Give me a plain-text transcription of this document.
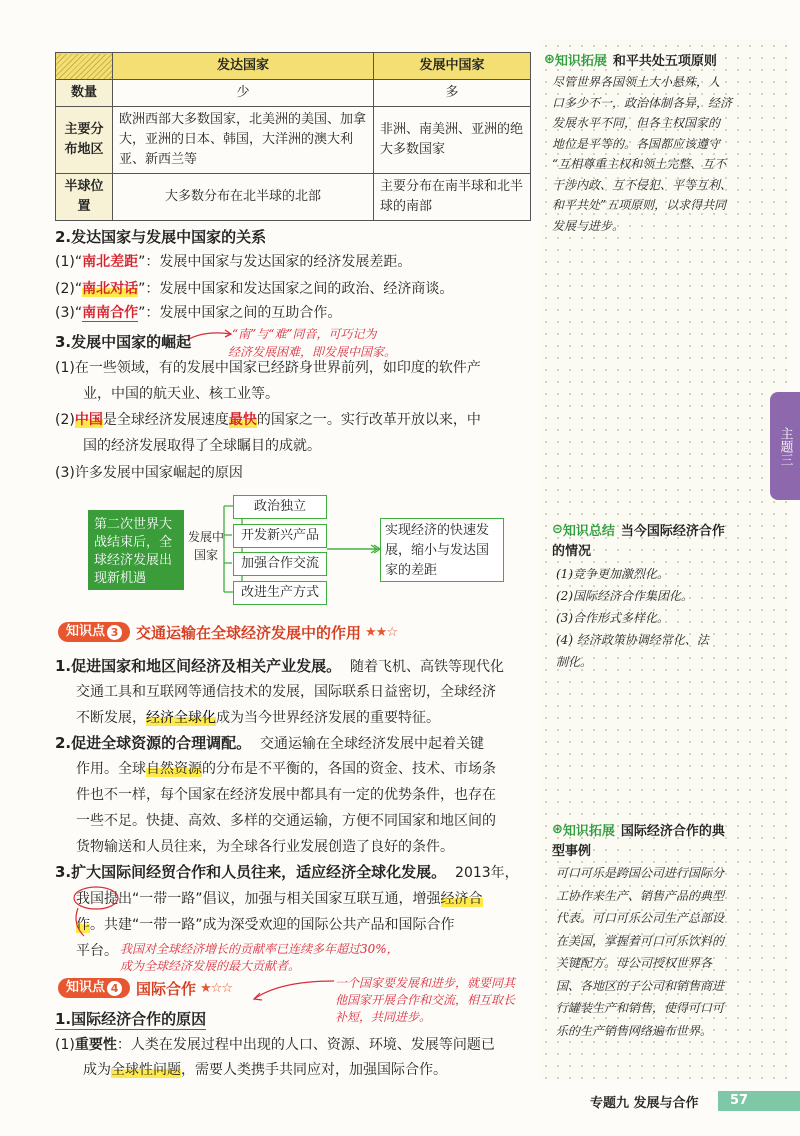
	发达国家	发展中国家
数量	少	多
主要分布地区	欧洲西部大多数国家，北美洲的美国、加拿大，亚洲的日本、韩国，大洋洲的澳大利亚、新西兰等	非洲、南美洲、亚洲的绝大多数国家
半球位置	大多数分布在北半球的北部	主要分布在南半球和北半球的南部
2.发达国家与发展中国家的关系
(1)“南北差距”：发展中国家与发达国家的经济发展差距。
(2)“南北对话”：发展中国家和发达国家之间的政治、经济商谈。
(3)“南南合作”：发展中国家之间的互助合作。
“南”与“难”同音，可巧记为
经济发展困难，即发展中国家。
3.发展中国家的崛起
(1)在一些领域，有的发展中国家已经跻身世界前列，如印度的软件产
业，中国的航天业、核工业等。
(2)中国是全球经济发展速度最快的国家之一。实行改革开放以来，中
国的经济发展取得了全球瞩目的成就。
(3)许多发展中国家崛起的原因
第二次世界大战结束后，全球经济发展出现新机遇
发展中国家
政治独立
开发新兴产品
加强合作交流
改进生产方式
实现经济的快速发展，缩小与发达国家的差距
知识点 3 交通运输在全球经济发展中的作用 ★★☆
1.促进国家和地区间经济及相关产业发展。 随着飞机、高铁等现代化
交通工具和互联网等通信技术的发展，国际联系日益密切，全球经济
不断发展，经济全球化成为当今世界经济发展的重要特征。
2.促进全球资源的合理调配。 交通运输在全球经济发展中起着关键
作用。全球自然资源的分布是不平衡的，各国的资金、技术、市场条
件也不一样，每个国家在经济发展中都具有一定的优势条件，也存在
一些不足。快捷、高效、多样的交通运输，方便不同国家和地区间的
货物输送和人员往来，为全球各行业发展创造了良好的条件。
3.扩大国际间经贸合作和人员往来，适应经济全球化发展。 2013年，
我国提出“一带一路”倡议，加强与相关国家互联互通，增强经济合
作。共建“一带一路”成为深受欢迎的国际公共产品和国际合作
平台。 我国对全球经济增长的贡献率已连续多年超过30%，
成为全球经济发展的最大贡献者。
知识点 4 国际合作 ★☆☆	一个国家要发展和进步，就要同其
他国家开展合作和交流，相互取长
补短，共同进步。
1.国际经济合作的原因
(1)重要性：人类在发展过程中出现的人口、资源、环境、发展等问题已
成为全球性问题，需要人类携手共同应对，加强国际合作。
⊛ 知识拓展 和平共处五项原则
尽管世界各国领土大小悬殊，人
口多少不一，政治体制各异，经济
发展水平不同，但各主权国家的
地位是平等的。各国都应该遵守
“互相尊重主权和领土完整、互不
干涉内政、互不侵犯、平等互利、
和平共处”五项原则，以求得共同
发展与进步。
⊝ 知识总结 当今国际经济合作
的情况
(1)竞争更加激烈化。
(2)国际经济合作集团化。
(3)合作形式多样化。
(4) 经济政策协调经常化、法
制化。
⊛ 知识拓展 国际经济合作的典
型事例
可口可乐是跨国公司进行国际分
工协作来生产、销售产品的典型
代表。可口可乐公司生产总部设
在美国，掌握着可口可乐饮料的
关键配方。母公司授权世界各
国、各地区的子公司和销售商进
行罐装生产和销售，使得可口可
乐的生产销售网络遍布世界。
主题三
专题九 发展与合作	57
